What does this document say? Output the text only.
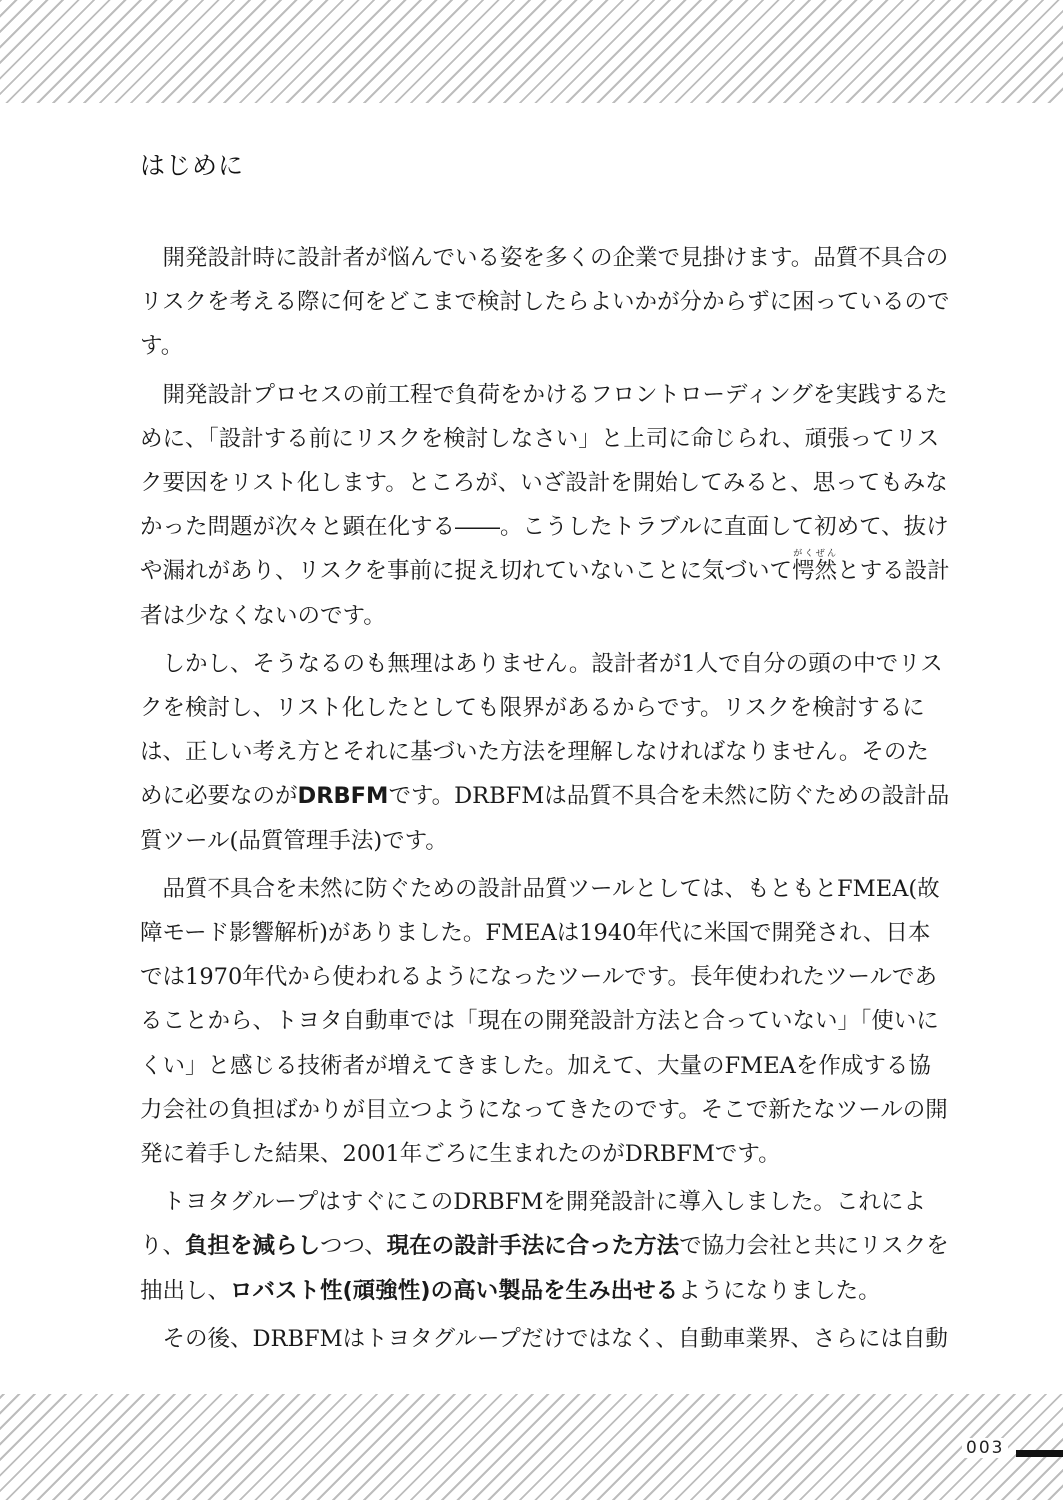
はじめに

開発設計時に設計者が悩んでいる姿を多くの企業で見掛けます。品質不具合のリスクを考える際に何をどこまで検討したらよいかが分からずに困っているのです。

開発設計プロセスの前工程で負荷をかけるフロントローディングを実践するために、「設計する前にリスクを検討しなさい」と上司に命じられ、頑張ってリスク要因をリスト化します。ところが、いざ設計を開始してみると、思ってもみなかった問題が次々と顕在化する――。こうしたトラブルに直面して初めて、抜けや漏れがあり、リスクを事前に捉え切れていないことに気づいて愕然がくぜんとする設計者は少なくないのです。

しかし、そうなるのも無理はありません。設計者が1人で自分の頭の中でリスクを検討し、リスト化したとしても限界があるからです。リスクを検討するには、正しい考え方とそれに基づいた方法を理解しなければなりません。そのために必要なのがDRBFMです。DRBFMは品質不具合を未然に防ぐための設計品質ツール(品質管理手法)です。

品質不具合を未然に防ぐための設計品質ツールとしては、もともとFMEA(故障モード影響解析)がありました。FMEAは1940年代に米国で開発され、日本では1970年代から使われるようになったツールです。長年使われたツールであることから、トヨタ自動車では「現在の開発設計方法と合っていない」「使いにくい」と感じる技術者が増えてきました。加えて、大量のFMEAを作成する協力会社の負担ばかりが目立つようになってきたのです。そこで新たなツールの開発に着手した結果、2001年ごろに生まれたのがDRBFMです。

トヨタグループはすぐにこのDRBFMを開発設計に導入しました。これにより、負担を減らしつつ、現在の設計手法に合った方法で協力会社と共にリスクを抽出し、ロバスト性(頑強性)の高い製品を生み出せるようになりました。

その後、DRBFMはトヨタグループだけではなく、自動車業界、さらには自動

003
